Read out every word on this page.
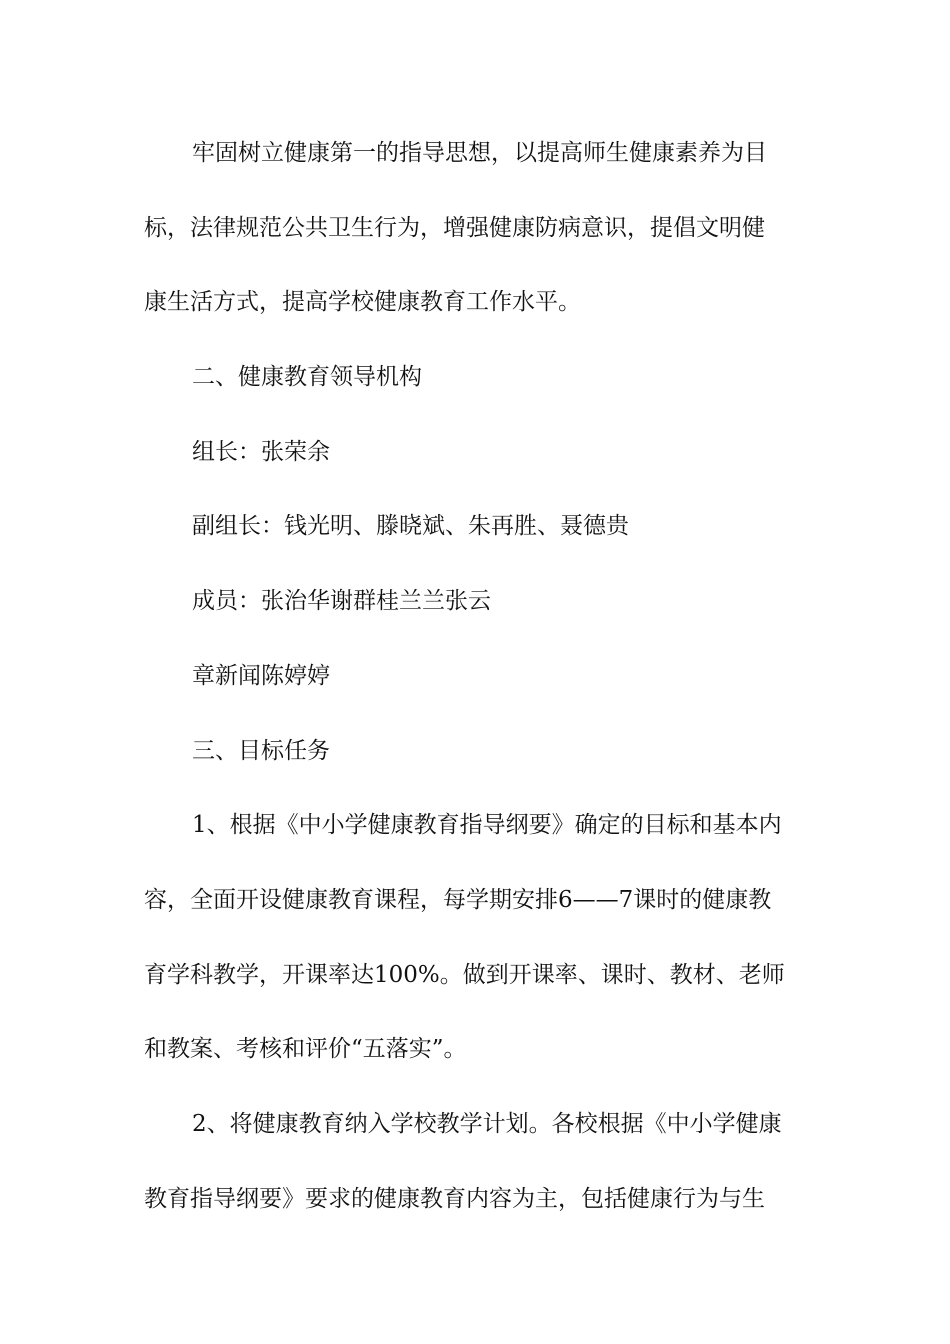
牢固树立健康第一的指导思想，以提高师生健康素养为目
标，法律规范公共卫生行为，增强健康防病意识，提倡文明健
康生活方式，提高学校健康教育工作水平。
二、健康教育领导机构
组长：张荣余
副组长：钱光明、滕晓斌、朱再胜、聂德贵
成员：张治华谢群桂兰兰张云
章新闻陈婷婷
三、目标任务
1、根据《中小学健康教育指导纲要》确定的目标和基本内
容，全面开设健康教育课程，每学期安排6——7课时的健康教
育学科教学，开课率达100%。做到开课率、课时、教材、老师
和教案、考核和评价“五落实”。
2、将健康教育纳入学校教学计划。各校根据《中小学健康
教育指导纲要》要求的健康教育内容为主，包括健康行为与生
